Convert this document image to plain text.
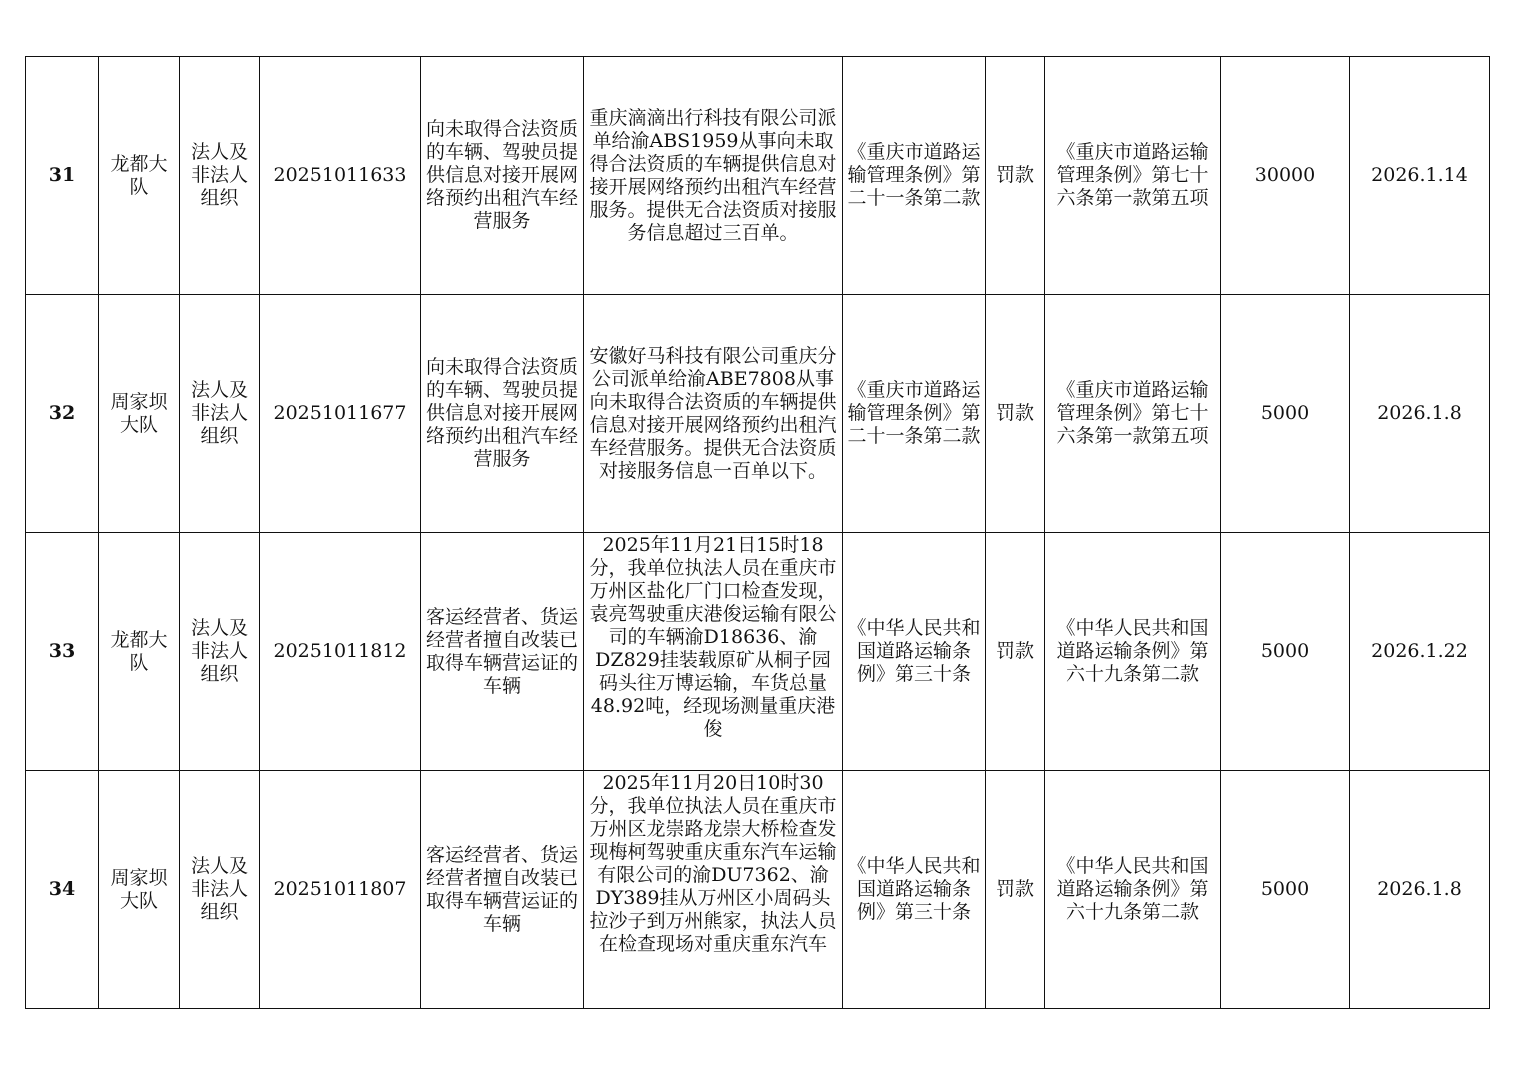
31	龙都大队	法人及非法人组织	20251011633	向未取得合法资质的车辆、驾驶员提供信息对接开展网络预约出租汽车经营服务	重庆滴滴出行科技有限公司派单给渝ABS1959从事向未取得合法资质的车辆提供信息对接开展网络预约出租汽车经营服务。提供无合法资质对接服务信息超过三百单。	《重庆市道路运输管理条例》第二十一条第二款	罚款	《重庆市道路运输管理条例》第七十六条第一款第五项	30000	2026.1.14
32	周家坝大队	法人及非法人组织	20251011677	向未取得合法资质的车辆、驾驶员提供信息对接开展网络预约出租汽车经营服务	安徽好马科技有限公司重庆分公司派单给渝ABE7808从事向未取得合法资质的车辆提供信息对接开展网络预约出租汽车经营服务。提供无合法资质对接服务信息一百单以下。	《重庆市道路运输管理条例》第二十一条第二款	罚款	《重庆市道路运输管理条例》第七十六条第一款第五项	5000	2026.1.8
33	龙都大队	法人及非法人组织	20251011812	客运经营者、货运经营者擅自改装已取得车辆营运证的车辆	2025年11月21日15时18分，我单位执法人员在重庆市万州区盐化厂门口检查发现，袁亮驾驶重庆港俊运输有限公司的车辆渝D18636、渝DZ829挂装载原矿从桐子园码头往万博运输，车货总量48.92吨，经现场测量重庆港俊	《中华人民共和国道路运输条例》第三十条	罚款	《中华人民共和国道路运输条例》第六十九条第二款	5000	2026.1.22
34	周家坝大队	法人及非法人组织	20251011807	客运经营者、货运经营者擅自改装已取得车辆营运证的车辆	2025年11月20日10时30分，我单位执法人员在重庆市万州区龙崇路龙崇大桥检查发现梅柯驾驶重庆重东汽车运输有限公司的渝DU7362、渝DY389挂从万州区小周码头拉沙子到万州熊家，执法人员在检查现场对重庆重东汽车	《中华人民共和国道路运输条例》第三十条	罚款	《中华人民共和国道路运输条例》第六十九条第二款	5000	2026.1.8
